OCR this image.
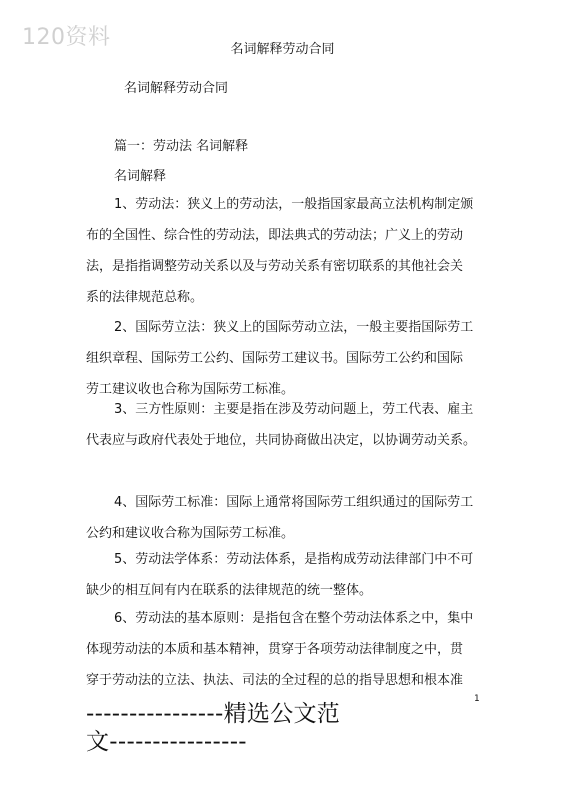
120资料	名词解释劳动合同
名词解释劳动合同
篇一：劳动法 名词解释
名词解释

1、劳动法：狭义上的劳动法，一般指国家最高立法机构制定颁
布的全国性、综合性的劳动法，即法典式的劳动法；广义上的劳动
法，是指指调整劳动关系以及与劳动关系有密切联系的其他社会关
系的法律规范总称。

2、国际劳立法：狭义上的国际劳动立法，一般主要指国际劳工
组织章程、国际劳工公约、国际劳工建议书。国际劳工公约和国际
劳工建议收也合称为国际劳工标准。

3、三方性原则：主要是指在涉及劳动问题上，劳工代表、雇主
代表应与政府代表处于地位，共同协商做出决定，以协调劳动关系。

4、国际劳工标准：国际上通常将国际劳工组织通过的国际劳工
公约和建议收合称为国际劳工标准。

5、劳动法学体系：劳动法体系，是指构成劳动法律部门中不可
缺少的相互间有内在联系的法律规范的统一整体。

6、劳动法的基本原则：是指包含在整个劳动法体系之中，集中
体现劳动法的本质和基本精神，贯穿于各项劳动法律制度之中，贯
穿于劳动法的立法、执法、司法的全过程的总的指导思想和根本准

1
----------------精选公文范
文----------------
